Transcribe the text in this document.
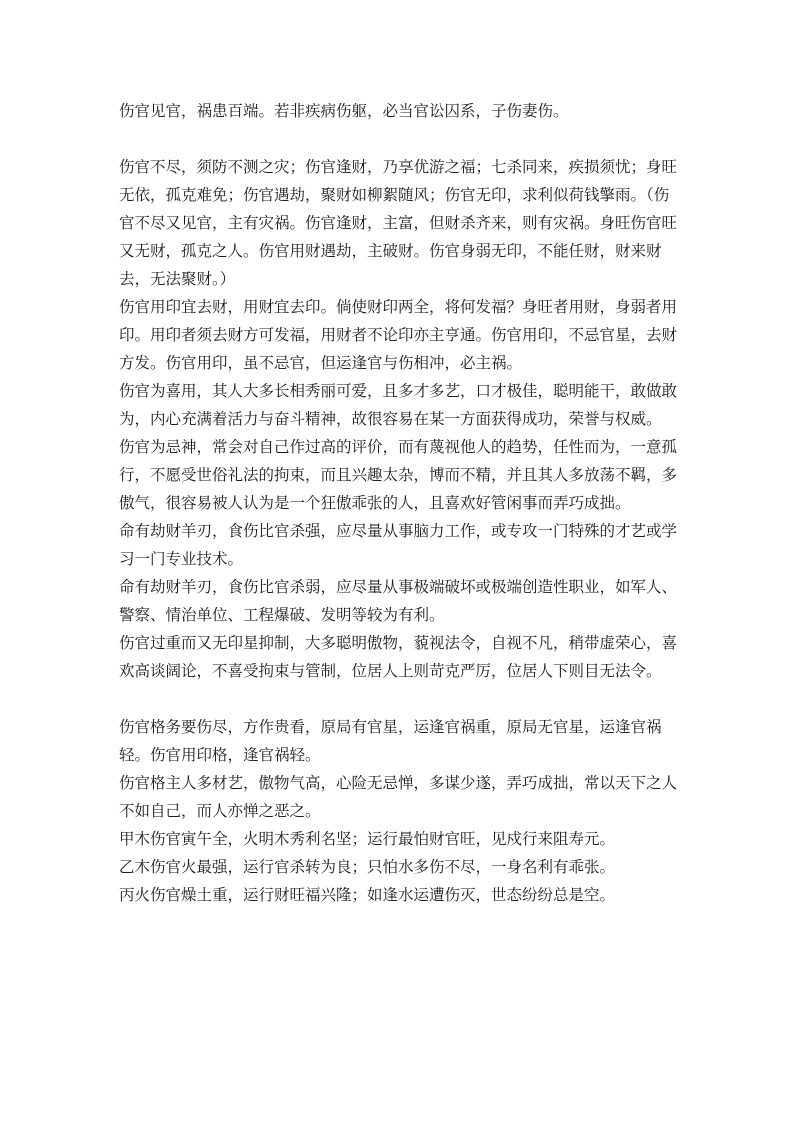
伤官见官，祸患百端。若非疾病伤躯，必当官讼囚系，子伤妻伤。

伤官不尽，须防不测之灾；伤官逢财，乃享优游之福；七杀同来，疾损须忧；身旺无依，孤克难免；伤官遇劫，聚财如柳絮随风；伤官无印，求利似荷钱擎雨。（伤官不尽又见官，主有灾祸。伤官逢财，主富，但财杀齐来，则有灾祸。身旺伤官旺又无财，孤克之人。伤官用财遇劫，主破财。伤官身弱无印，不能任财，财来财去，无法聚财。）

伤官用印宜去财，用财宜去印。倘使财印两全，将何发福？身旺者用财，身弱者用印。用印者须去财方可发福，用财者不论印亦主亨通。伤官用印，不忌官星，去财方发。伤官用印，虽不忌官，但运逢官与伤相冲，必主祸。

伤官为喜用，其人大多长相秀丽可爱，且多才多艺，口才极佳，聪明能干，敢做敢为，内心充满着活力与奋斗精神，故很容易在某一方面获得成功，荣誉与权威。

伤官为忌神，常会对自己作过高的评价，而有蔑视他人的趋势，任性而为，一意孤行，不愿受世俗礼法的拘束，而且兴趣太杂，博而不精，并且其人多放荡不羁，多傲气，很容易被人认为是一个狂傲乖张的人，且喜欢好管闲事而弄巧成拙。

命有劫财羊刃，食伤比官杀强，应尽量从事脑力工作，或专攻一门特殊的才艺或学习一门专业技术。

命有劫财羊刃，食伤比官杀弱，应尽量从事极端破坏或极端创造性职业，如军人、警察、情治单位、工程爆破、发明等较为有利。

伤官过重而又无印星抑制，大多聪明傲物，藐视法令，自视不凡，稍带虚荣心，喜欢高谈阔论，不喜受拘束与管制，位居人上则苛克严厉，位居人下则目无法令。

伤官格务要伤尽，方作贵看，原局有官星，运逢官祸重，原局无官星，运逢官祸轻。伤官用印格，逢官祸轻。

伤官格主人多材艺，傲物气高，心险无忌惮，多谋少遂，弄巧成拙，常以天下之人不如自己，而人亦惮之恶之。

甲木伤官寅午全，火明木秀利名坚；运行最怕财官旺，见戍行来阻寿元。

乙木伤官火最强，运行官杀转为良；只怕水多伤不尽，一身名利有乖张。

丙火伤官燥土重，运行财旺福兴隆；如逢水运遭伤灭，世态纷纷总是空。
